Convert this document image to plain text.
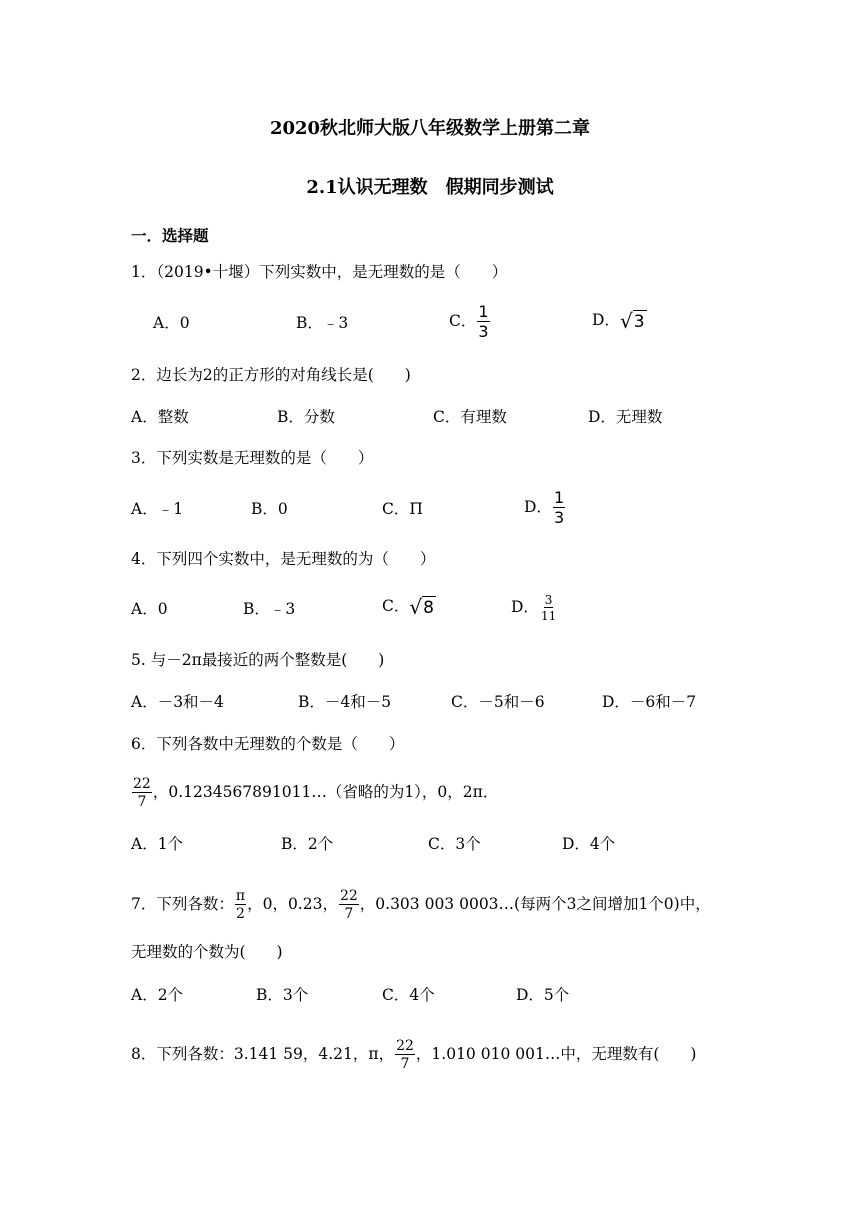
2020秋北师大版八年级数学上册第二章
2.1认识无理数　假期同步测试
一．选择题
1．（2019•十堰）下列实数中，是无理数的是（　　）
A．0	B．﹣3	C． $\frac{1}{3}$	D． √ 3
2．边长为2的正方形的对角线长是(　　)
A．整数	B．分数	C．有理数	D．无理数
3．下列实数是无理数的是（　　）
A．﹣1	B．0	C．Π	D． $\frac{1}{3}$
4．下列四个实数中，是无理数的为（　　）
A．0	B．﹣3	C． √ 8	D． $\frac{3}{11}$
5. 与－2π最接近的两个整数是(　　)
A．－3和－4	B．－4和－5	C．－5和－6	D．－6和－7
6．下列各数中无理数的个数是（　　）
$\frac{22}{7}$ ，0.1234567891011…（省略的为1），0，2π．
A．1个	B．2个	C．3个	D．4个
7．下列各数： $\frac{\pi}{2}$ ，0，0.23， $\frac{22}{7}$ ，0.303 003 0003…(每两个3之间增加1个0)中，
无理数的个数为(　　)
A．2个	B．3个	C．4个	D．5个
8．下列各数：3.141 59，4.21，π， $\frac{22}{7}$ ，1.010 010 001…中，无理数有(　　)
